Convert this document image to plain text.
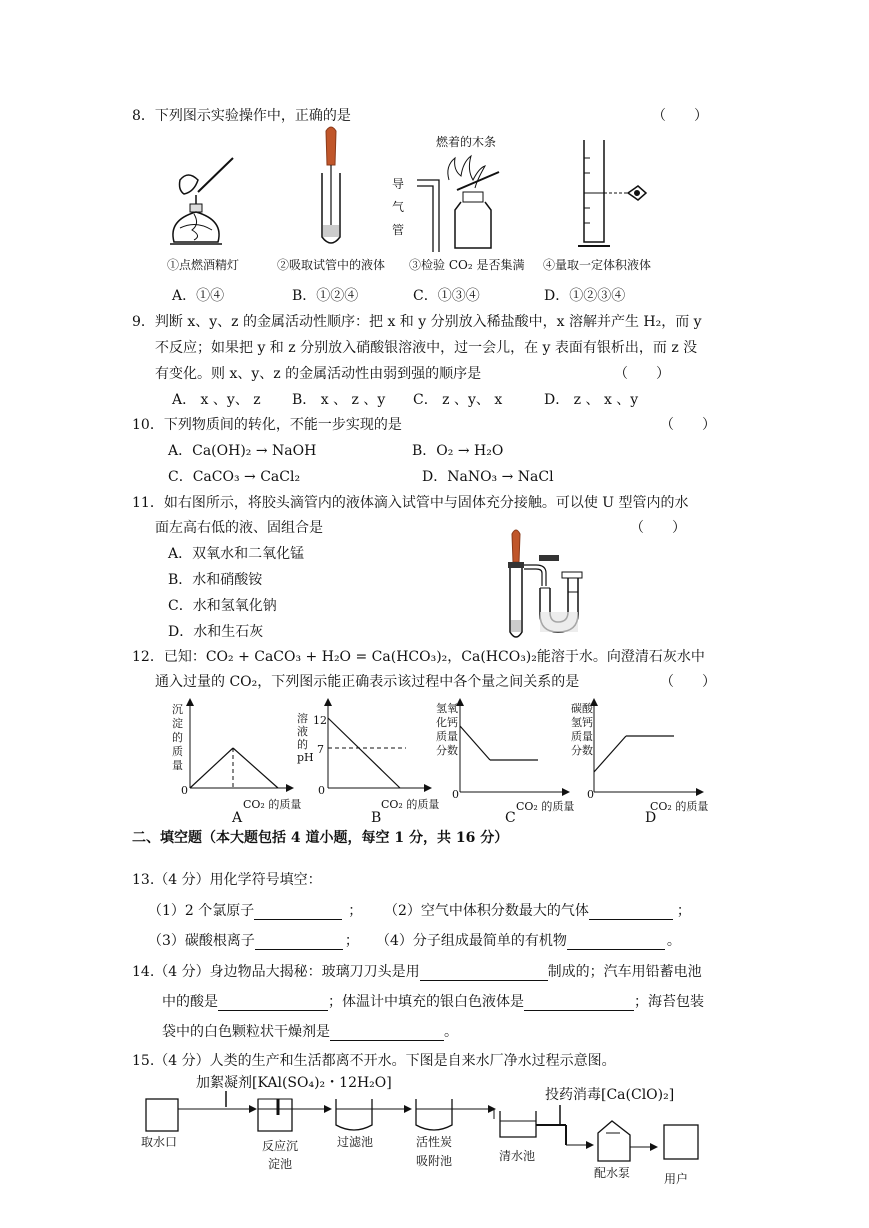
8．下列图示实验操作中，正确的是	（　　）
燃着的木条
导
气
管
①点燃酒精灯	②吸取试管中的液体 ③检验 CO₂ 是否集满 ④量取一定体积液体
A．①④	B．①②④	C．①③④	D．①②③④
9．判断 x、y、z 的金属活动性顺序：把 x 和 y 分别放入稀盐酸中，x 溶解并产生 H₂，而 y
不反应；如果把 y 和 z 分别放入硝酸银溶液中，过一会儿，在 y 表面有银析出，而 z 没
有变化。则 x、y、z 的金属活动性由弱到强的顺序是	（　　）
A． x 、y、 z B． x 、 z 、y C． z 、y、 x	D． z 、 x 、y
10．下列物质间的转化，不能一步实现的是	（　　）
A．Ca(OH)₂ → NaOH	B．O₂ → H₂O
C．CaCO₃ → CaCl₂	D．NaNO₃ → NaCl
11．如右图所示，将胶头滴管内的液体滴入试管中与固体充分接触。可以使 U 型管内的水
面左高右低的液、固组合是	（　　）
A．双氧水和二氧化锰
B．水和硝酸铵
C．水和氢氧化钠
D．水和生石灰
12．已知：CO₂ + CaCO₃ + H₂O = Ca(HCO₃)₂，Ca(HCO₃)₂能溶于水。向澄清石灰水中
通入过量的 CO₂，下列图示能正确表示该过程中各个量之间关系的是	（　　）
沉
淀
的
质
量
0
CO₂ 的质量
A
溶
液
的
pH
12
7
0
CO₂ 的质量
B
氢氧
化钙
质量
分数
0
CO₂ 的质量
C
碳酸
氢钙
质量
分数
0
CO₂ 的质量
D
二、填空题（本大题包括 4 道小题，每空 1 分，共 16 分）
13.（4 分）用化学符号填空：
（1）2 个氯原子	； （2）空气中体积分数最大的气体	；
（3）碳酸根离子	； （4）分子组成最简单的有机物	。
14.（4 分）身边物品大揭秘：玻璃刀刀头是用	制成的；汽车用铅蓄电池
中的酸是	；体温计中填充的银白色液体是	；海苔包装
袋中的白色颗粒状干燥剂是	。
15.（4 分）人类的生产和生活都离不开水。下图是自来水厂净水过程示意图。
加絮凝剂[KAl(SO₄)₂・12H₂O]
投药消毒[Ca(ClO)₂]
取水口	反应沉
淀池
过滤池	活性炭
吸附池	清水池
配水泵	用户
